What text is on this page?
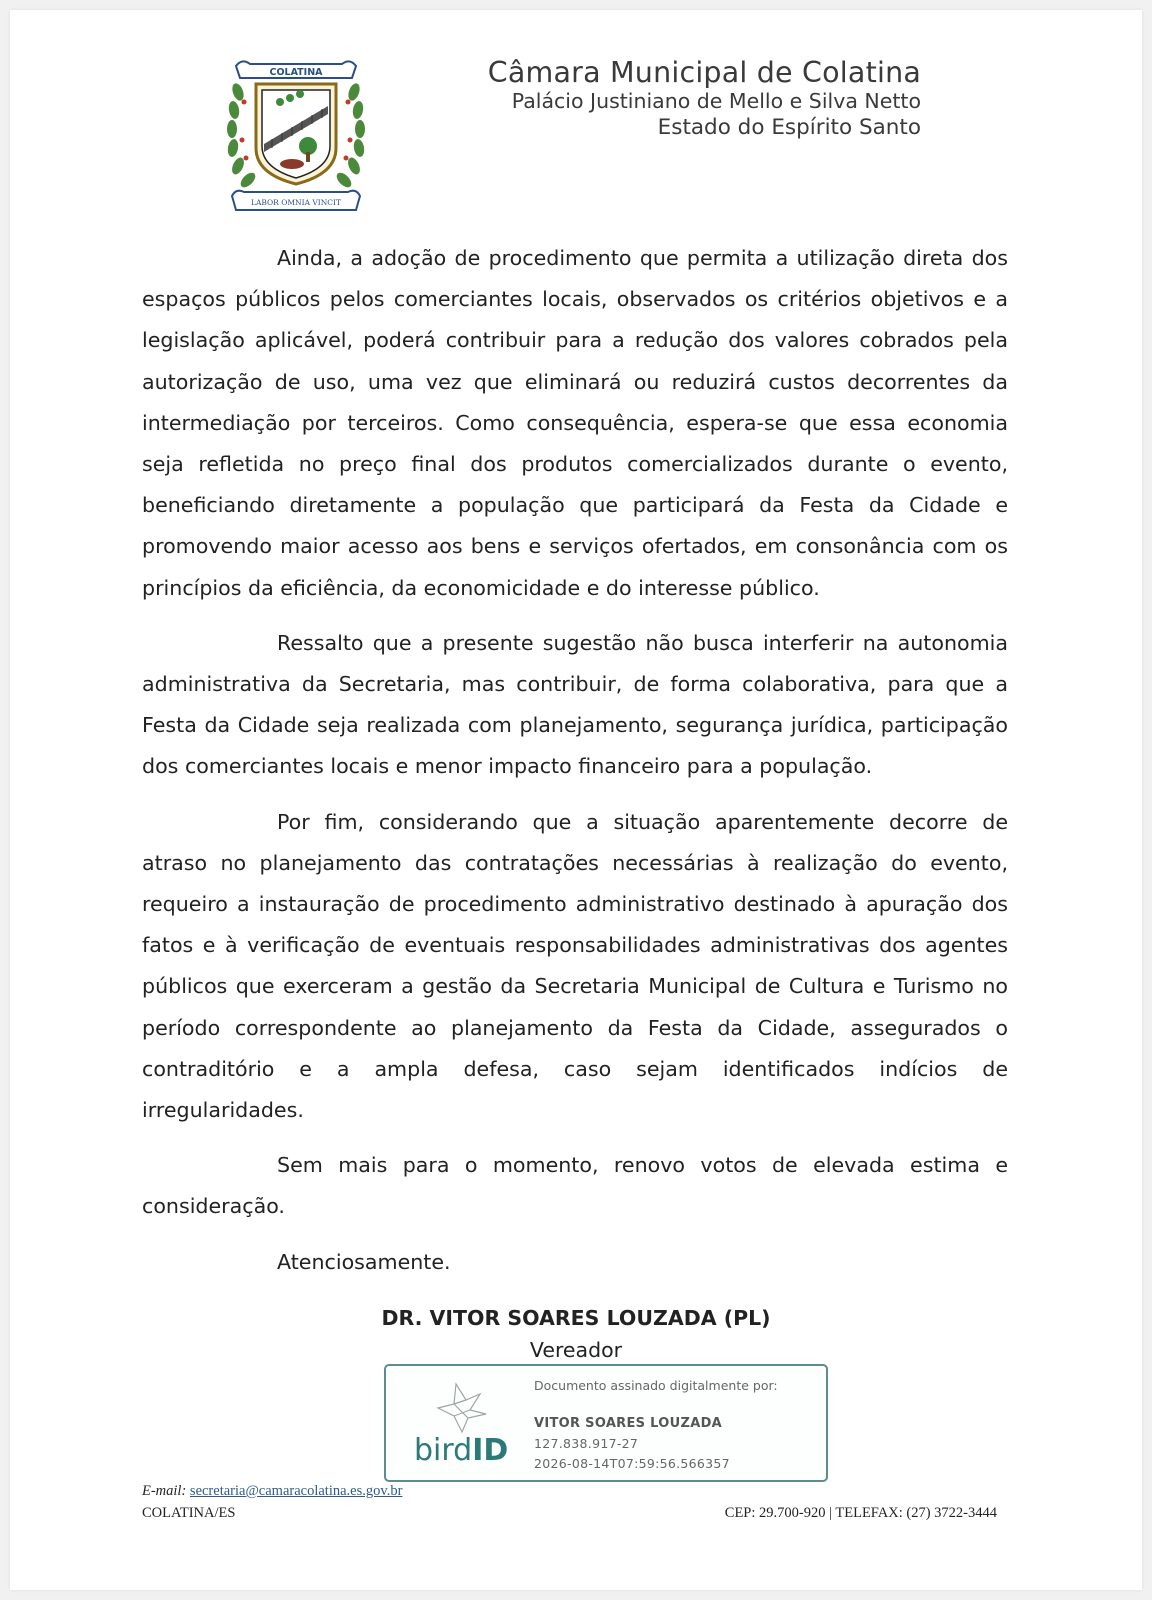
COLATINA
LABOR OMNIA VINCIT
Câmara Municipal de Colatina
Palácio Justiniano de Mello e Silva Netto
Estado do Espírito Santo

Ainda, a adoção de procedimento que permita a utilização direta dos espaços públicos pelos comerciantes locais, observados os critérios objetivos e a legislação aplicável, poderá contribuir para a redução dos valores cobrados pela autorização de uso, uma vez que eliminará ou reduzirá custos decorrentes da intermediação por terceiros. Como consequência, espera-se que essa economia seja refletida no preço final dos produtos comercializados durante o evento, beneficiando diretamente a população que participará da Festa da Cidade e promovendo maior acesso aos bens e serviços ofertados, em consonância com os princípios da eficiência, da economicidade e do interesse público.

Ressalto que a presente sugestão não busca interferir na autonomia administrativa da Secretaria, mas contribuir, de forma colaborativa, para que a Festa da Cidade seja realizada com planejamento, segurança jurídica, participação dos comerciantes locais e menor impacto financeiro para a população.

Por fim, considerando que a situação aparentemente decorre de atraso no planejamento das contratações necessárias à realização do evento, requeiro a instauração de procedimento administrativo destinado à apuração dos fatos e à verificação de eventuais responsabilidades administrativas dos agentes públicos que exerceram a gestão da Secretaria Municipal de Cultura e Turismo no período correspondente ao planejamento da Festa da Cidade, assegurados o contraditório e a ampla defesa, caso sejam identificados indícios de irregularidades.

Sem mais para o momento, renovo votos de elevada estima e

consideração.
Atenciosamente.
DR. VITOR SOARES LOUZADA (PL)
Vereador
birdID
Documento assinado digitalmente por:
VITOR SOARES LOUZADA
127.838.917-27
2026-08-14T07:59:56.566357
E-mail: secretaria@camaracolatina.es.gov.br
COLATINA/ES	CEP: 29.700-920 | TELEFAX: (27) 3722-3444
